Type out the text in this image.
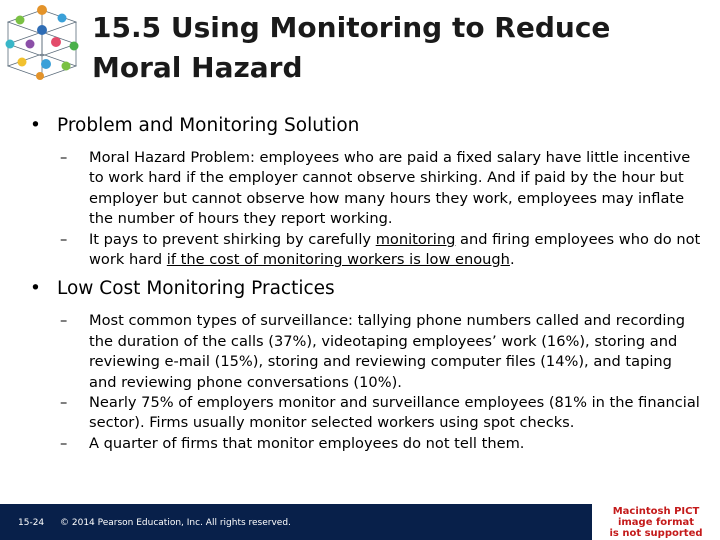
15.5 Using Monitoring to Reduce
Moral Hazard
• Problem and Monitoring Solution
– Moral Hazard Problem: employees who are paid a fixed salary have little incentive to work hard if the employer cannot observe shirking. And if paid by the hour but employer but cannot observe how many hours they work, employees may inflate the number of hours they report working.
– It pays to prevent shirking by carefully monitoring and firing employees who do not work hard if the cost of monitoring workers is low enough.
• Low Cost Monitoring Practices
– Most common types of surveillance: tallying phone numbers called and recording the duration of the calls (37%), videotaping employees’ work (16%), storing and reviewing e-mail (15%), storing and reviewing computer files (14%), and taping and reviewing phone conversations (10%).
– Nearly 75% of employers monitor and surveillance employees (81% in the financial sector). Firms usually monitor selected workers using spot checks.
– A quarter of firms that monitor employees do not tell them.
15-24 © 2014 Pearson Education, Inc. All rights reserved.
Macintosh PICT
image format
is not supported
